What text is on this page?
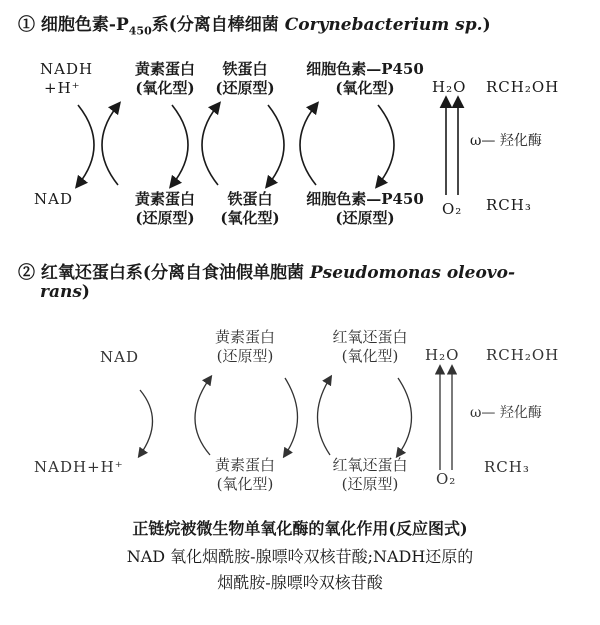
① 细胞色素$-P_{450}$系(分离自棒细菌 Corynebacterium sp.)
NADH
+H⁺
NAD
黄素蛋白
(氧化型)
铁蛋白
(还原型)
细胞色素—P450
(氧化型)
黄素蛋白
(还原型)
铁蛋白
(氧化型)
细胞色素—P450
(还原型)
H₂O RCH₂OH
ω— 羟化酶
O₂ RCH₃
② 红氧还蛋白系(分离自食油假单胞菌 Pseudomonas oleovo-
rans)
NAD
NADH+H⁺
黄素蛋白
(还原型)
红氧还蛋白
(氧化型)
黄素蛋白
(氧化型)
红氧还蛋白
(还原型)
H₂O RCH₂OH
ω— 羟化酶
O₂
RCH₃
正链烷被微生物单氧化酶的氧化作用(反应图式)
NAD 氧化烟酰胺-腺嘌呤双核苷酸;NADH还原的
烟酰胺-腺嘌呤双核苷酸
